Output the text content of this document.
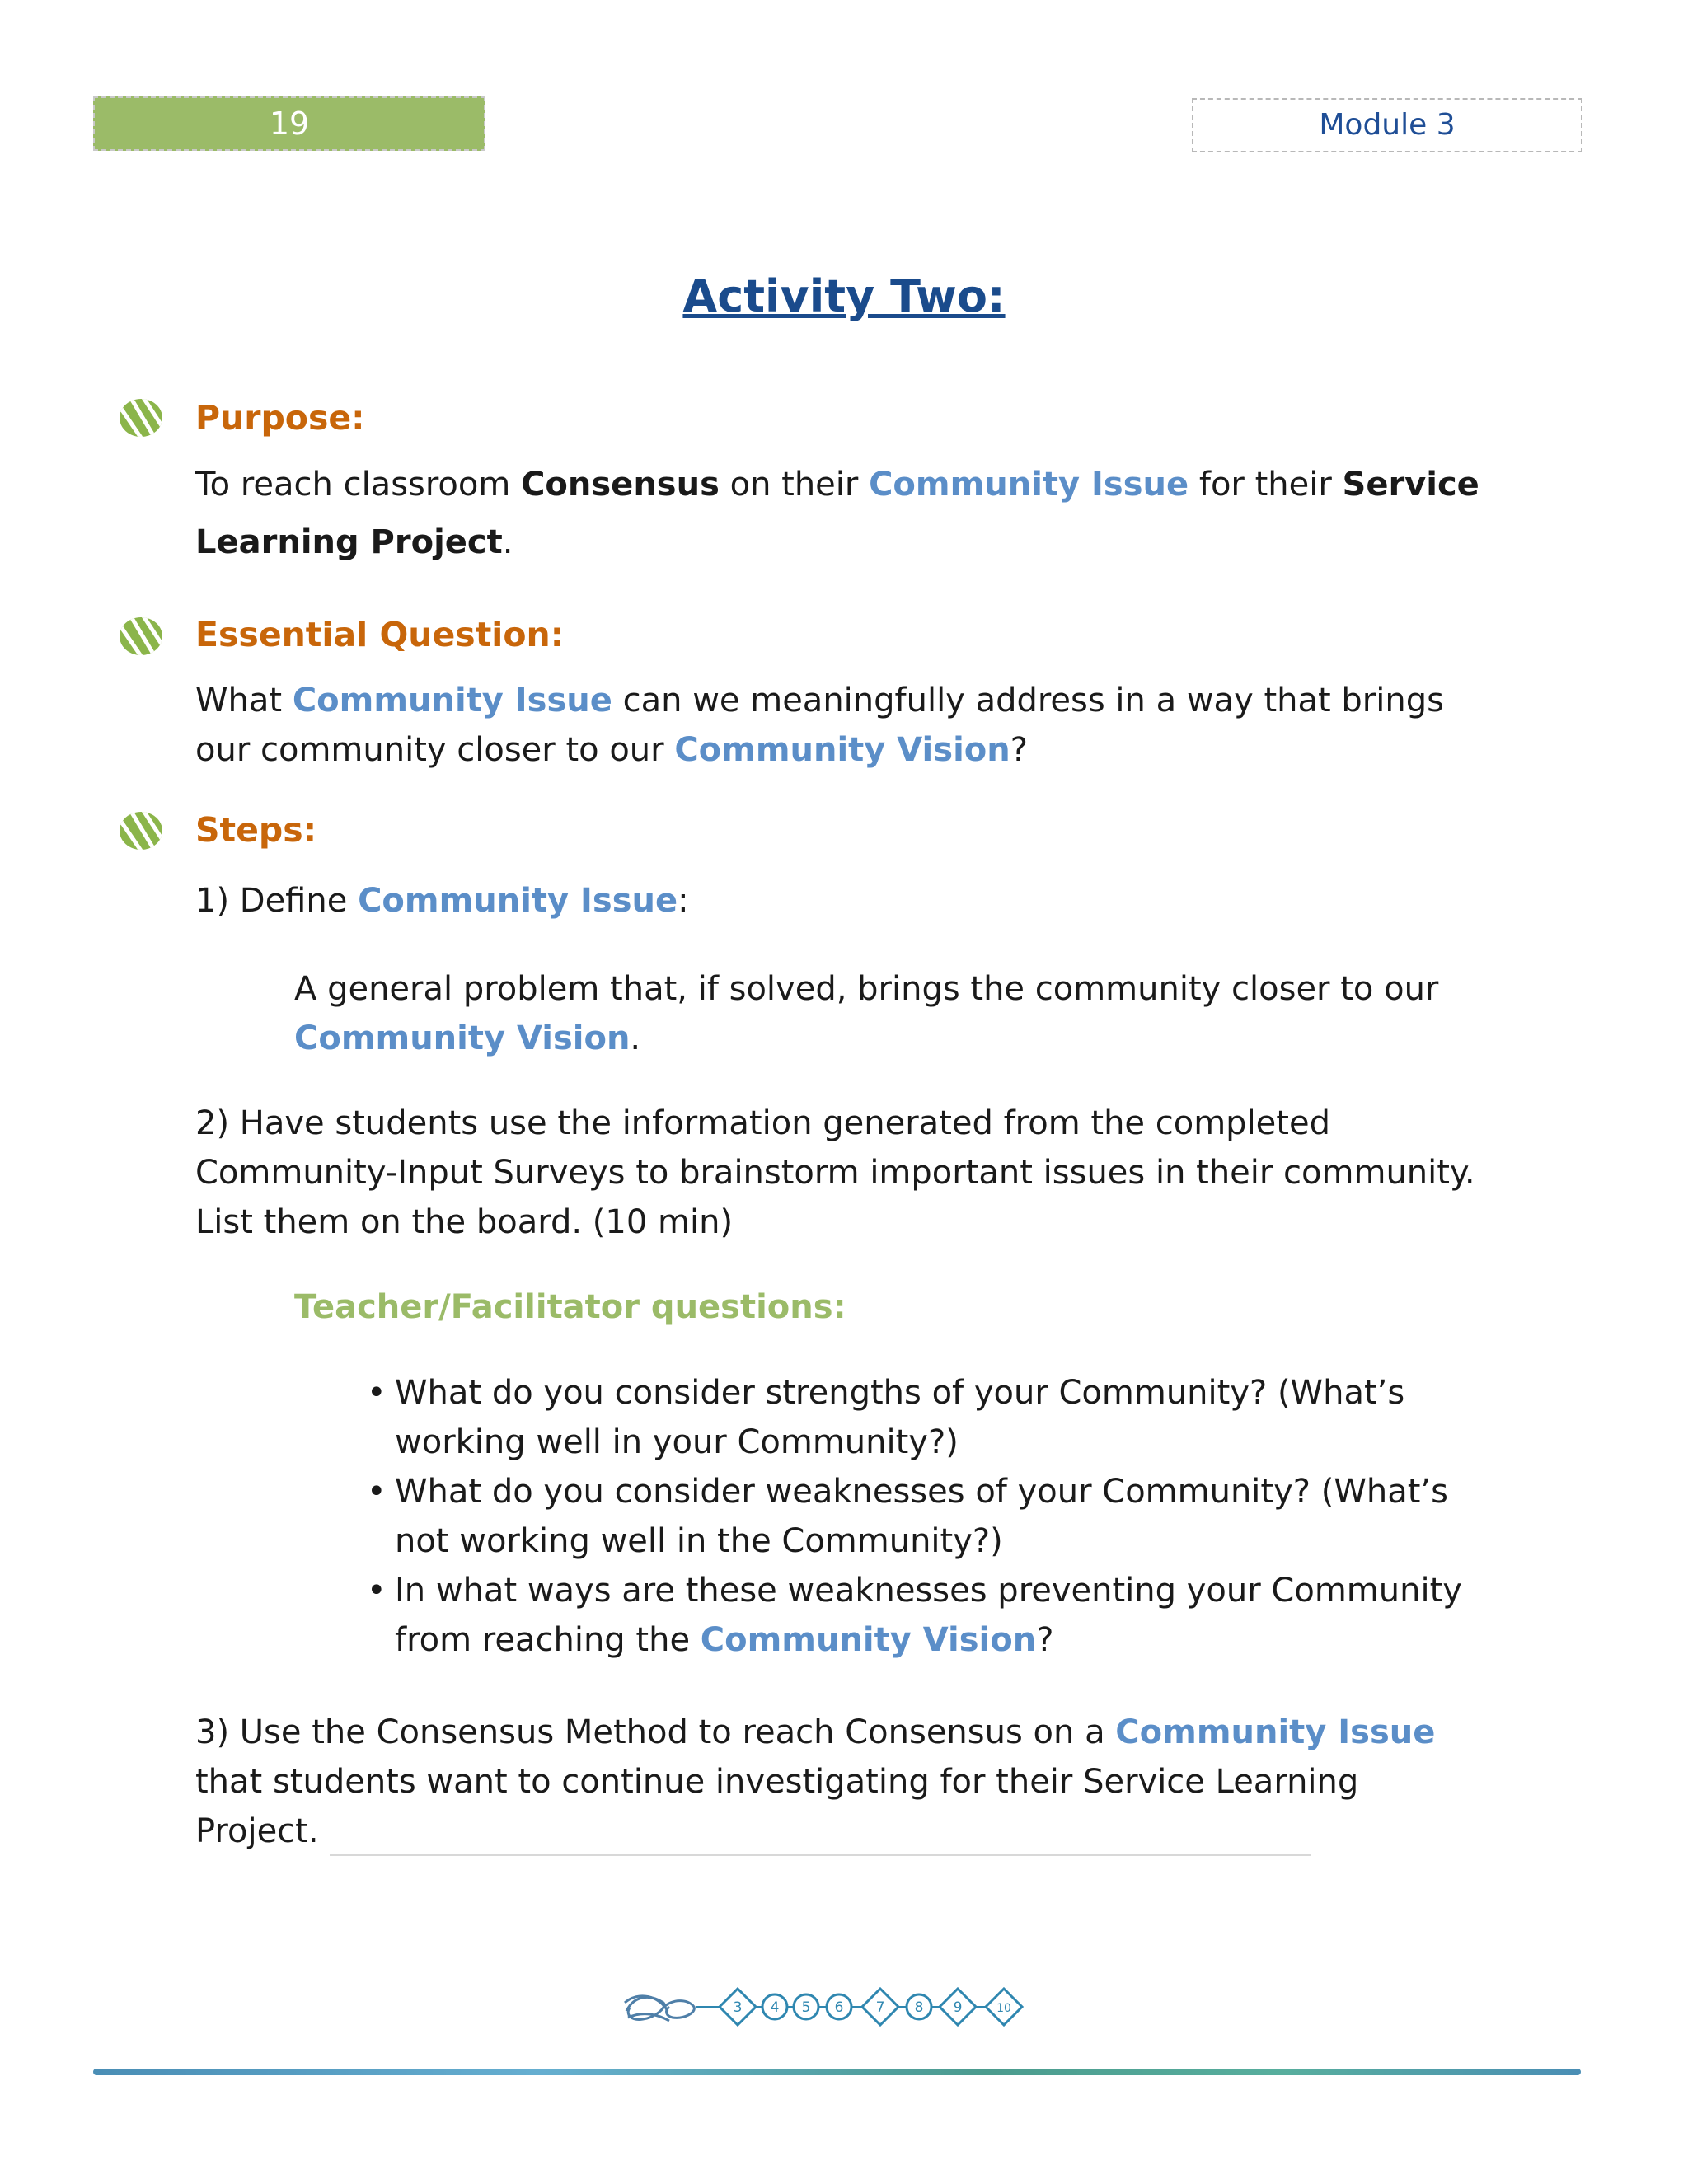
19	Module 3
Activity Two:
Purpose:
To reach classroom Consensus on their Community Issue for their Service Learning Project.
Essential Question:
What Community Issue can we meaningfully address in a way that brings our community closer to our Community Vision?
Steps:
1) Define Community Issue:
A general problem that, if solved, brings the community closer to our Community Vision.
2) Have students use the information generated from the completed Community-Input Surveys to brainstorm important issues in their community. List them on the board. (10 min)
Teacher/Facilitator questions:
• What do you consider strengths of your Community? (What’s working well in your Community?)
• What do you consider weaknesses of your Community? (What’s not working well in the Community?)
• In what ways are these weaknesses preventing your Community from reaching the Community Vision?
3) Use the Consensus Method to reach Consensus on a Community Issue that students want to continue investigating for their Service Learning Project.
3 4 5 6 7 8 9	10
